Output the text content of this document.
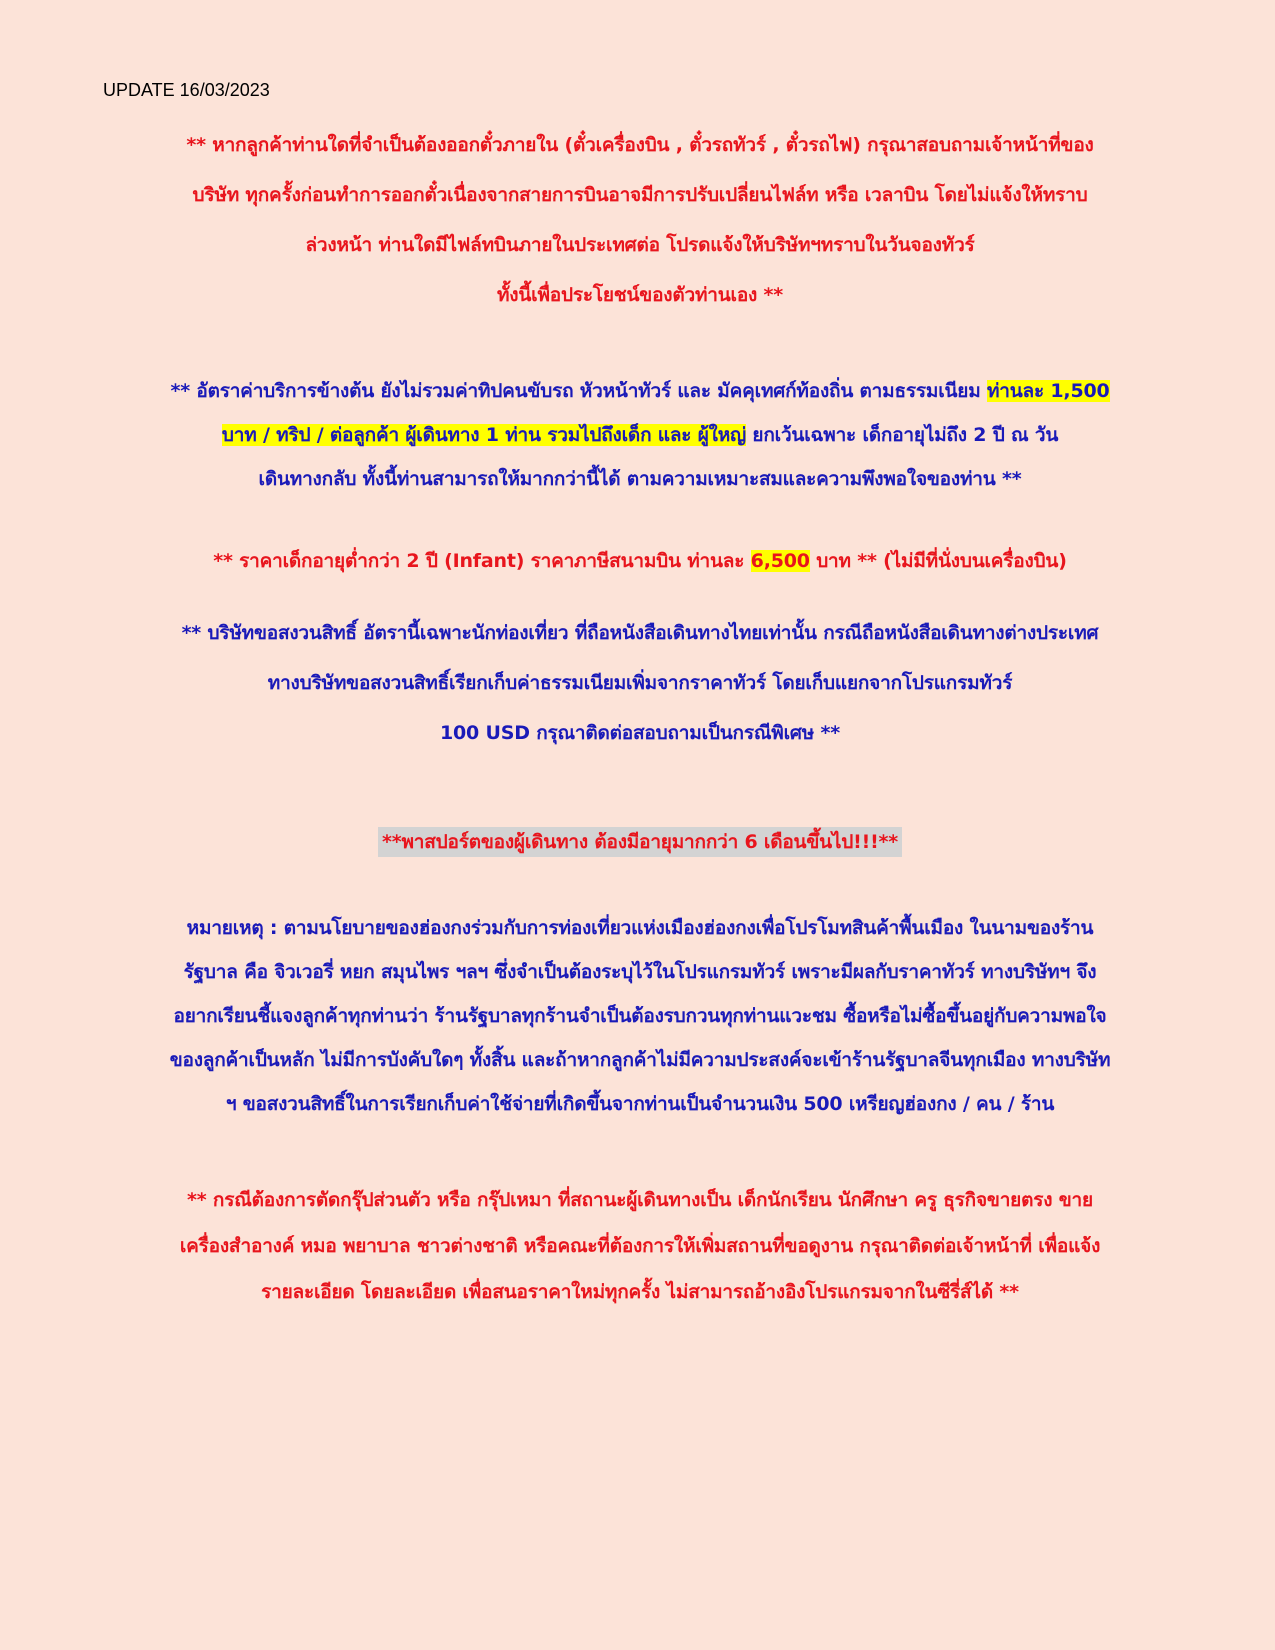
UPDATE 16/03/2023
** หากลูกค้าท่านใดที่จำเป็นต้องออกตั๋วภายใน (ตั๋วเครื่องบิน , ตั๋วรถทัวร์ , ตั๋วรถไฟ) กรุณาสอบถามเจ้าหน้าที่ของ
บริษัท ทุกครั้งก่อนทำการออกตั๋วเนื่องจากสายการบินอาจมีการปรับเปลี่ยนไฟล์ท หรือ เวลาบิน โดยไม่แจ้งให้ทราบ
ล่วงหน้า ท่านใดมีไฟล์ทบินภายในประเทศต่อ โปรดแจ้งให้บริษัทฯทราบในวันจองทัวร์
ทั้งนี้เพื่อประโยชน์ของตัวท่านเอง **
** อัตราค่าบริการข้างต้น ยังไม่รวมค่าทิปคนขับรถ หัวหน้าทัวร์ และ มัคคุเทศก์ท้องถิ่น ตามธรรมเนียม ท่านละ 1,500
บาท / ทริป / ต่อลูกค้า ผู้เดินทาง 1 ท่าน รวมไปถึงเด็ก และ ผู้ใหญ่ ยกเว้นเฉพาะ เด็กอายุไม่ถึง 2 ปี ณ วัน
เดินทางกลับ ทั้งนี้ท่านสามารถให้มากกว่านี้ได้ ตามความเหมาะสมและความพึงพอใจของท่าน **
** ราคาเด็กอายุต่ำกว่า 2 ปี (Infant) ราคาภาษีสนามบิน ท่านละ 6,500 บาท ** (ไม่มีที่นั่งบนเครื่องบิน)
** บริษัทขอสงวนสิทธิ์ อัตรานี้เฉพาะนักท่องเที่ยว ที่ถือหนังสือเดินทางไทยเท่านั้น กรณีถือหนังสือเดินทางต่างประเทศ
ทางบริษัทขอสงวนสิทธิ์เรียกเก็บค่าธรรมเนียมเพิ่มจากราคาทัวร์ โดยเก็บแยกจากโปรแกรมทัวร์
100 USD กรุณาติดต่อสอบถามเป็นกรณีพิเศษ **
**พาสปอร์ตของผู้เดินทาง ต้องมีอายุมากกว่า 6 เดือนขึ้นไป!!!**
หมายเหตุ : ตามนโยบายของฮ่องกงร่วมกับการท่องเที่ยวแห่งเมืองฮ่องกงเพื่อโปรโมทสินค้าพื้นเมือง ในนามของร้าน
รัฐบาล คือ จิวเวอรี่ หยก สมุนไพร ฯลฯ ซึ่งจำเป็นต้องระบุไว้ในโปรแกรมทัวร์ เพราะมีผลกับราคาทัวร์ ทางบริษัทฯ จึง
อยากเรียนชี้แจงลูกค้าทุกท่านว่า ร้านรัฐบาลทุกร้านจำเป็นต้องรบกวนทุกท่านแวะชม ซื้อหรือไม่ซื้อขึ้นอยู่กับความพอใจ
ของลูกค้าเป็นหลัก ไม่มีการบังคับใดๆ ทั้งสิ้น และถ้าหากลูกค้าไม่มีความประสงค์จะเข้าร้านรัฐบาลจีนทุกเมือง ทางบริษัท
ฯ ขอสงวนสิทธิ์ในการเรียกเก็บค่าใช้จ่ายที่เกิดขึ้นจากท่านเป็นจำนวนเงิน 500 เหรียญฮ่องกง / คน / ร้าน
** กรณีต้องการตัดกรุ๊ปส่วนตัว หรือ กรุ๊ปเหมา ที่สถานะผู้เดินทางเป็น เด็กนักเรียน นักศึกษา ครู ธุรกิจขายตรง ขาย
เครื่องสำอางค์ หมอ พยาบาล ชาวต่างชาติ หรือคณะที่ต้องการให้เพิ่มสถานที่ขอดูงาน กรุณาติดต่อเจ้าหน้าที่ เพื่อแจ้ง
รายละเอียด โดยละเอียด เพื่อสนอราคาใหม่ทุกครั้ง ไม่สามารถอ้างอิงโปรแกรมจากในซีรี่ส์ได้ **
